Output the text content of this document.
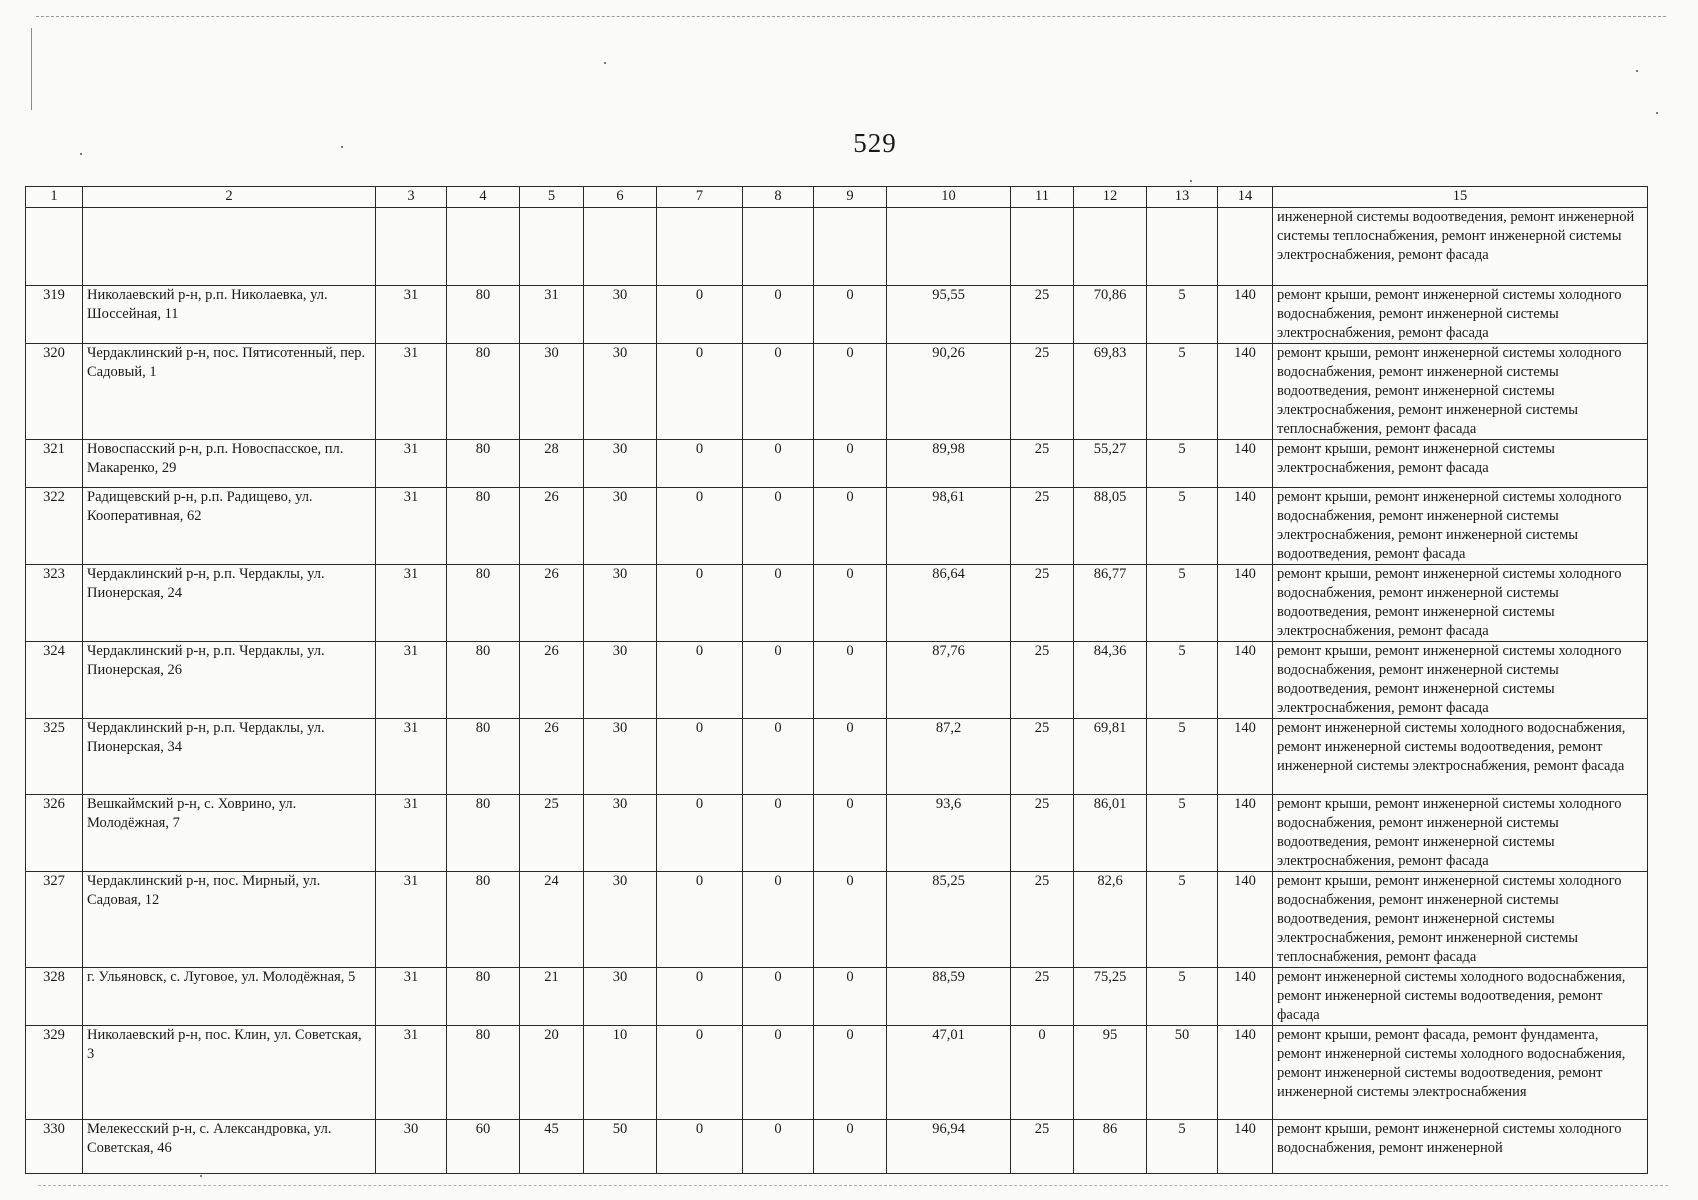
529
1	2	3	4	5	6	7	8	9	10	11	12	13	14	15
														инженерной системы водоотведения, ремонт инженерной системы теплоснабжения, ремонт инженерной системы электроснабжения, ремонт фасада
319	Николаевский р-н, р.п. Николаевка, ул. Шоссейная, 11	31	80	31	30	0	0	0	95,55	25	70,86	5	140	ремонт крыши, ремонт инженерной системы холодного водоснабжения, ремонт инженерной системы электроснабжения, ремонт фасада
320	Чердаклинский р-н, пос. Пятисотенный, пер. Садовый, 1	31	80	30	30	0	0	0	90,26	25	69,83	5	140	ремонт крыши, ремонт инженерной системы холодного водоснабжения, ремонт инженерной системы водоотведения, ремонт инженерной системы электроснабжения, ремонт инженерной системы теплоснабжения, ремонт фасада
321	Новоспасский р-н, р.п. Новоспасское, пл. Макаренко, 29	31	80	28	30	0	0	0	89,98	25	55,27	5	140	ремонт крыши, ремонт инженерной системы электроснабжения, ремонт фасада
322	Радищевский р-н, р.п. Радищево, ул. Кооперативная, 62	31	80	26	30	0	0	0	98,61	25	88,05	5	140	ремонт крыши, ремонт инженерной системы холодного водоснабжения, ремонт инженерной системы электроснабжения, ремонт инженерной системы водоотведения, ремонт фасада
323	Чердаклинский р-н, р.п. Чердаклы, ул. Пионерская, 24	31	80	26	30	0	0	0	86,64	25	86,77	5	140	ремонт крыши, ремонт инженерной системы холодного водоснабжения, ремонт инженерной системы водоотведения, ремонт инженерной системы электроснабжения, ремонт фасада
324	Чердаклинский р-н, р.п. Чердаклы, ул. Пионерская, 26	31	80	26	30	0	0	0	87,76	25	84,36	5	140	ремонт крыши, ремонт инженерной системы холодного водоснабжения, ремонт инженерной системы водоотведения, ремонт инженерной системы электроснабжения, ремонт фасада
325	Чердаклинский р-н, р.п. Чердаклы, ул. Пионерская, 34	31	80	26	30	0	0	0	87,2	25	69,81	5	140	ремонт инженерной системы холодного водоснабжения, ремонт инженерной системы водоотведения, ремонт инженерной системы электроснабжения, ремонт фасада
326	Вешкаймский р-н, с. Ховрино, ул. Молодёжная, 7	31	80	25	30	0	0	0	93,6	25	86,01	5	140	ремонт крыши, ремонт инженерной системы холодного водоснабжения, ремонт инженерной системы водоотведения, ремонт инженерной системы электроснабжения, ремонт фасада
327	Чердаклинский р-н, пос. Мирный, ул. Садовая, 12	31	80	24	30	0	0	0	85,25	25	82,6	5	140	ремонт крыши, ремонт инженерной системы холодного водоснабжения, ремонт инженерной системы водоотведения, ремонт инженерной системы электроснабжения, ремонт инженерной системы теплоснабжения, ремонт фасада
328	г. Ульяновск, с. Луговое, ул. Молодёжная, 5	31	80	21	30	0	0	0	88,59	25	75,25	5	140	ремонт инженерной системы холодного водоснабжения, ремонт инженерной системы водоотведения, ремонт фасада
329	Николаевский р-н, пос. Клин, ул. Советская, 3	31	80	20	10	0	0	0	47,01	0	95	50	140	ремонт крыши, ремонт фасада, ремонт фундамента, ремонт инженерной системы холодного водоснабжения, ремонт инженерной системы водоотведения, ремонт инженерной системы электроснабжения
330	Мелекесский р-н, с. Александровка, ул. Советская, 46	30	60	45	50	0	0	0	96,94	25	86	5	140	ремонт крыши, ремонт инженерной системы холодного водоснабжения, ремонт инженерной
